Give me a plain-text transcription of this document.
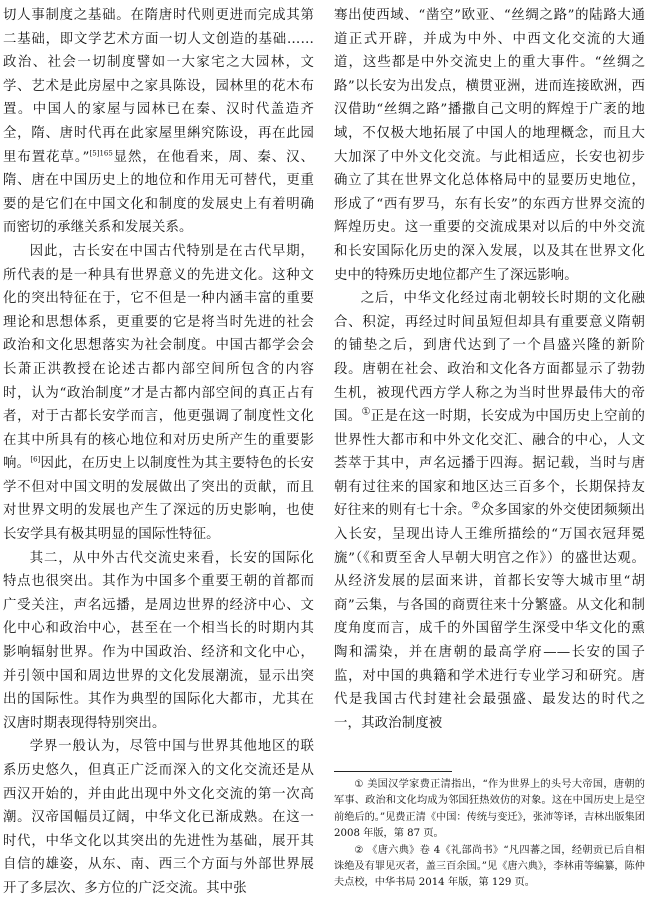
切人事制度之基础。在隋唐时代则更进而完成其第二基础，即文学艺术方面一切人文创造的基础……政治、社会一切制度譬如一大家宅之大园林，文学、艺术是此房屋中之家具陈设，园林里的花木布置。中国人的家屋与园林已在秦、汉时代盖造齐全，隋、唐时代再在此家屋里䌀究陈设，再在此园里布置花草。”$^{[5]165}$显然，在他看来，周、秦、汉、隋、唐在中国历史上的地位和作用无可替代，更重要的是它们在中国文化和制度的发展史上有着明确而密切的承继关系和发展关系。

因此，古长安在中国古代特别是在古代早期，所代表的是一种具有世界意义的先进文化。这种文化的突出特征在于，它不但是一种内涵丰富的重要理论和思想体系，更重要的它是将当时先进的社会政治和文化思想落实为社会制度。中国古都学会会长萧正洪教授在论述古都内部空间所包含的内容时，认为“政治制度”才是古都内部空间的真正占有者，对于古都长安学而言，他更强调了制度性文化在其中所具有的核心地位和对历史所产生的重要影响。[6]因此，在历史上以制度性为其主要特色的长安学不但对中国文明的发展做出了突出的贡献，而且对世界文明的发展也产生了深远的历史影响，也使长安学具有极其明显的国际性特征。

其二，从中外古代交流史来看，长安的国际化特点也很突出。其作为中国多个重要王朝的首都而广受关注，声名远播，是周边世界的经济中心、文化中心和政治中心，甚至在一个相当长的时期内其影响辐射世界。作为中国政治、经济和文化中心，并引领中国和周边世界的文化发展潮流，显示出突出的国际性。其作为典型的国际化大都市，尤其在汉唐时期表现得特别突出。

学界一般认为，尽管中国与世界其他地区的联系历史悠久，但真正广泛而深入的文化交流还是从西汉开始的，并由此出现中外文化交流的第一次高潮。汉帝国幅员辽阔，中华文化已渐成熟。在这一时代，中华文化以其突出的先进性为基础，展开其自信的雄姿，从东、南、西三个方面与外部世界展开了多层次、多方位的广泛交流。其中张

骞出使西域、“凿空”欧亚、“丝绸之路”的陆路大通道正式开辟，并成为中外、中西文化交流的大通道，这些都是中外交流史上的重大事件。“丝绸之路”以长安为出发点，横贯亚洲，进而连接欧洲，西汉借助“丝绸之路”播撒自己文明的辉煌于广袤的地域，不仅极大地拓展了中国人的地理概念，而且大大加深了中外文化交流。与此相适应，长安也初步确立了其在世界文化总体格局中的显要历史地位，形成了“西有罗马，东有长安”的东西方世界交流的辉煌历史。这一重要的交流成果对以后的中外交流和长安国际化历史的深入发展，以及其在世界文化史中的特殊历史地位都产生了深远影响。

之后，中华文化经过南北朝较长时期的文化融合、积淀，再经过时间虽短但却具有重要意义隋朝的铺垫之后，到唐代达到了一个昌盛兴隆的新阶段。唐朝在社会、政治和文化各方面都显示了勃勃生机，被现代西方学人称之为当时世界最伟大的帝国。①正是在这一时期，长安成为中国历史上空前的世界性大都市和中外文化交汇、融合的中心，人文荟萃于其中，声名远播于四海。据记载，当时与唐朝有过往来的国家和地区达三百多个，长期保持友好往来的则有七十余。②众多国家的外交使团频频出入长安，呈现出诗人王维所描绘的“万国衣冠拜冕旒”（《和贾至舍人早朝大明宫之作》）的盛世达观。从经济发展的层面来讲，首都长安等大城市里“胡商”云集，与各国的商贾往来十分繁盛。从文化和制度角度而言，成千的外国留学生深受中华文化的熏陶和濡染，并在唐朝的最高学府——长安的国子监，对中国的典籍和学术进行专业学习和研究。唐代是我国古代封建社会最强盛、最发达的时代之一，其政治制度被

① 美国汉学家费正清指出，“作为世界上的头号大帝国，唐朝的军事、政治和文化均成为邻国狂热效仿的对象。这在中国历史上是空前绝后的。”见费正清《中国：传统与变迁》，张沛等译，吉林出版集团 2008 年版，第 87 页。

② 《唐六典》卷 4《礼部尚书》“凡四蕃之国，经朝贡已后自相诛绝及有罪见灭者，盖三百余国。”见《唐六典》，李林甫等编纂，陈仲夫点校，中华书局 2014 年版，第 129 页。
